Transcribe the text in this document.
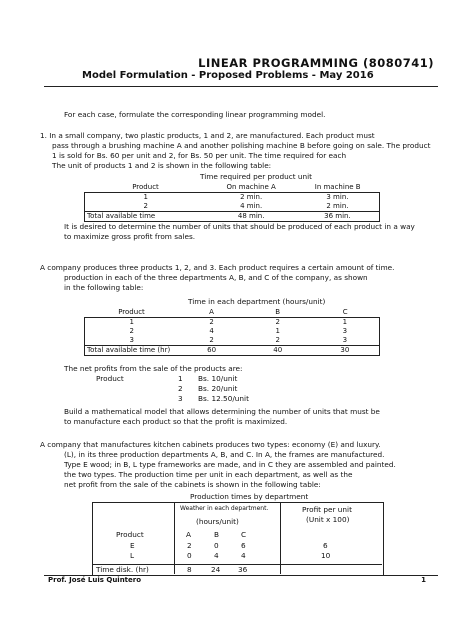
LINEAR PROGRAMMING (8080741)
Model Formulation - Proposed Problems - May 2016
For each case, formulate the corresponding linear programming model.
1. In a small company, two plastic products, 1 and 2, are manufactured. Each product must
pass through a brushing machine A and another polishing machine B before going on sale. The product
1 is sold for Bs. 60 per unit and 2, for Bs. 50 per unit. The time required for each
The unit of products 1 and 2 is shown in the following table:
Time required per product unit
Product	On machine A	In machine B
1	2 min.	3 min.
2	4 min.	2 min.
Total available time	48 min.	36 min.
It is desired to determine the number of units that should be produced of each product in a way
to maximize gross profit from sales.
A company produces three products 1, 2, and 3. Each product requires a certain amount of time.
production in each of the three departments A, B, and C of the company, as shown
in the following table:
Time in each department (hours/unit)
Product	A	B	C
1	2	2	1
2	4	1	3
3	2	2	3
Total available time (hr)	60	40	30
The net profits from the sale of the products are:
Product	1 Bs. 10/unit
2 Bs. 20/unit
3 Bs. 12.50/unit
Build a mathematical model that allows determining the number of units that must be
to manufacture each product so that the profit is maximized.
A company that manufactures kitchen cabinets produces two types: economy (E) and luxury.
(L), in its three production departments A, B, and C. In A, the frames are manufactured.
Type E wood; in B, L type frameworks are made, and in C they are assembled and painted.
the two types. The production time per unit in each department, as well as the
net profit from the sale of the cabinets is shown in the following table:
Production times by department
Weather in each department.
(hours/unit)
Profit per unit
(Unit x 100)
Product	A	B	C
E	2	0	6	6
L	0	4	4	10
Time disk. (hr)	8	24 36
Prof. José Luis Quintero	1
